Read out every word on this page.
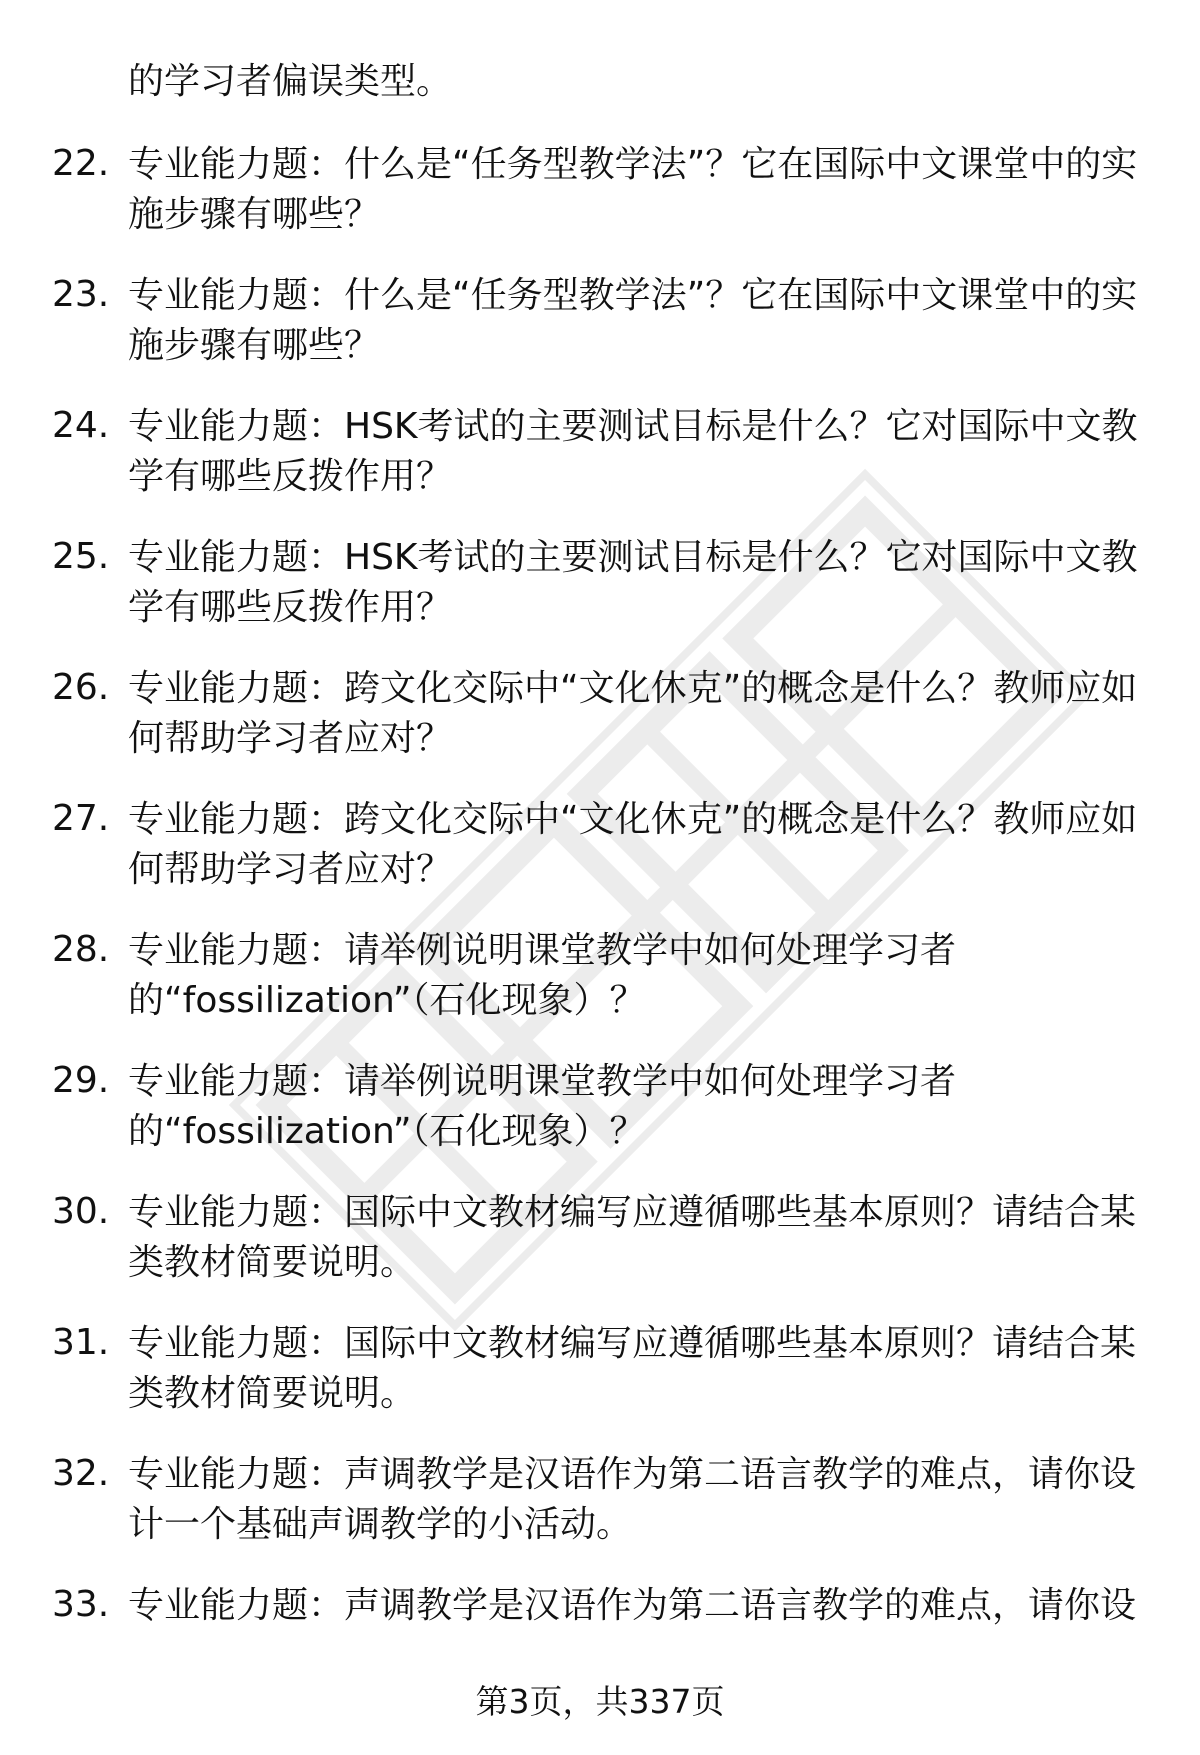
的学习者偏误类型。
22. 专业能力题：什么是“任务型教学法”？它在国际中文课堂中的实施步骤有哪些？
23. 专业能力题：什么是“任务型教学法”？它在国际中文课堂中的实施步骤有哪些？
24. 专业能力题：HSK考试的主要测试目标是什么？它对国际中文教学有哪些反拨作用？
25. 专业能力题：HSK考试的主要测试目标是什么？它对国际中文教学有哪些反拨作用？
26. 专业能力题：跨文化交际中“文化休克”的概念是什么？教师应如何帮助学习者应对？
27. 专业能力题：跨文化交际中“文化休克”的概念是什么？教师应如何帮助学习者应对？
28. 专业能力题：请举例说明课堂教学中如何处理学习者的“fossilization”（石化现象）？
29. 专业能力题：请举例说明课堂教学中如何处理学习者的“fossilization”（石化现象）？
30. 专业能力题：国际中文教材编写应遵循哪些基本原则？请结合某类教材简要说明。
31. 专业能力题：国际中文教材编写应遵循哪些基本原则？请结合某类教材简要说明。
32. 专业能力题：声调教学是汉语作为第二语言教学的难点，请你设计一个基础声调教学的小活动。
33. 专业能力题：声调教学是汉语作为第二语言教学的难点，请你设
第3页，共337页
